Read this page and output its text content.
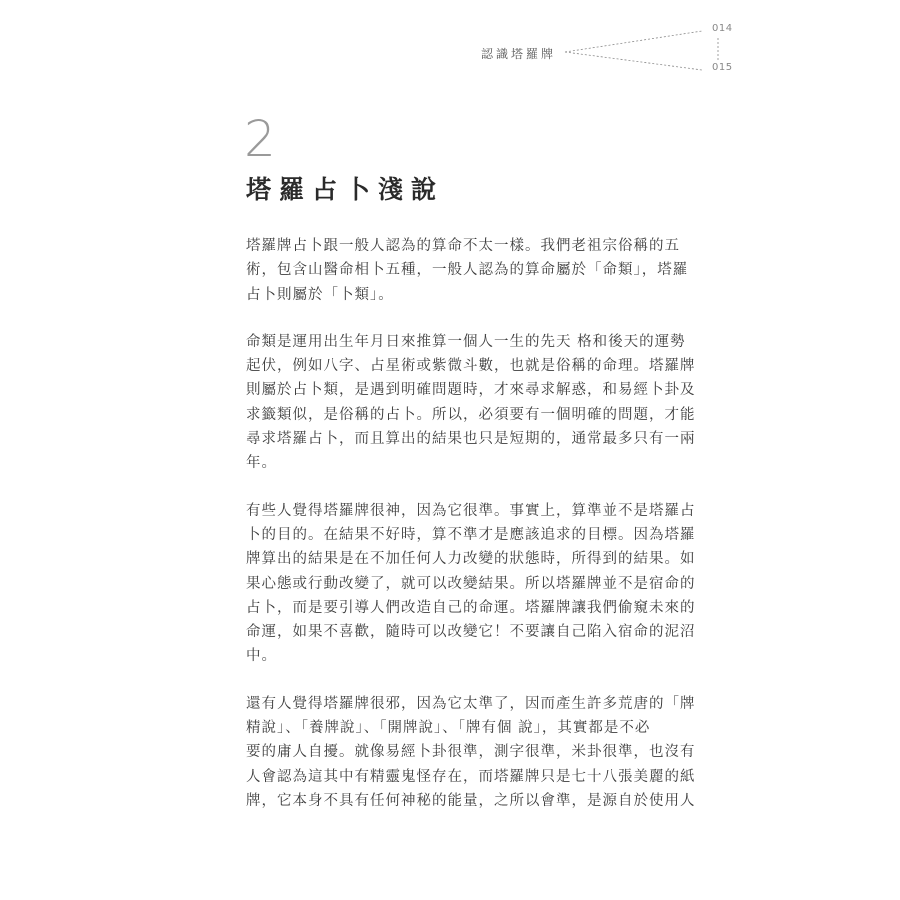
認識塔羅牌
014
015
2
塔羅占卜淺說

塔羅牌占卜跟一般人認為的算命不太一樣。我們老祖宗俗稱的五
術，包含山醫命相卜五種，一般人認為的算命屬於「命類」，塔羅
占卜則屬於「卜類」。

命類是運用出生年月日來推算一個人一生的先天 格和後天的運勢
起伏，例如八字、占星術或紫微斗數，也就是俗稱的命理。塔羅牌
則屬於占卜類，是遇到明確問題時，才來尋求解惑，和易經卜卦及
求籤類似，是俗稱的占卜。所以，必須要有一個明確的問題，才能
尋求塔羅占卜，而且算出的結果也只是短期的，通常最多只有一兩
年。

有些人覺得塔羅牌很神，因為它很準。事實上，算準並不是塔羅占
卜的目的。在結果不好時，算不準才是應該追求的目標。因為塔羅
牌算出的結果是在不加任何人力改變的狀態時，所得到的結果。如
果心態或行動改變了，就可以改變結果。所以塔羅牌並不是宿命的
占卜，而是要引導人們改造自己的命運。塔羅牌讓我們偷窺未來的
命運，如果不喜歡，隨時可以改變它！不要讓自己陷入宿命的泥沼
中。

還有人覺得塔羅牌很邪，因為它太準了，因而產生許多荒唐的「牌
精說」、「養牌說」、「開牌說」、「牌有個 說」，其實都是不必
要的庸人自擾。就像易經卜卦很準，測字很準，米卦很準，也沒有
人會認為這其中有精靈鬼怪存在，而塔羅牌只是七十八張美麗的紙
牌，它本身不具有任何神秘的能量，之所以會準，是源自於使用人
